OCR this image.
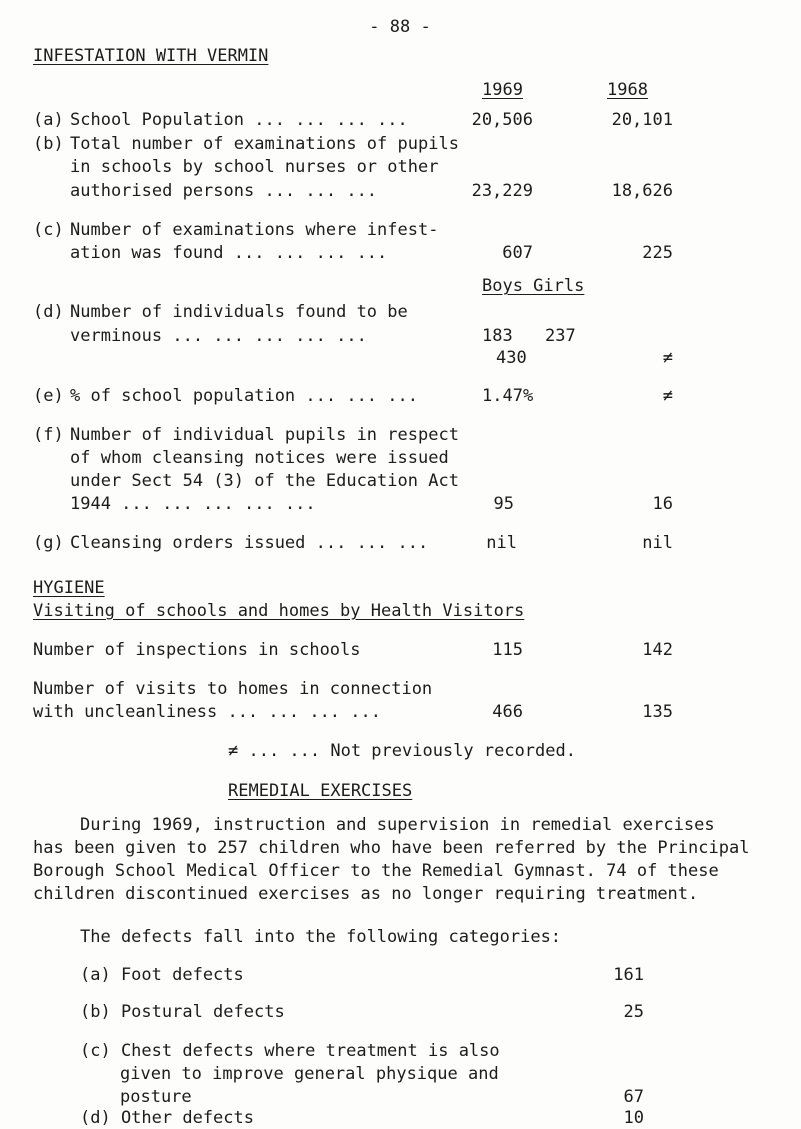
- 88 -
INFESTATION WITH VERMIN
1969	1968
(a) School Population ... ... ... ...	20,506	20,101
(b) Total number of examinations of pupils
in schools by school nurses or other
authorised persons ... ... ...	23,229	18,626
(c) Number of examinations where infest-
ation was found ... ... ... ...	607	225
Boys Girls
(d) Number of individuals found to be
verminous ... ... ... ... ...	183 237
430	≠
(e) % of school population ... ... ...	1.47%	≠
(f) Number of individual pupils in respect
of whom cleansing notices were issued
under Sect 54 (3) of the Education Act
1944 ... ... ... ... ...	95	16
(g) Cleansing orders issued ... ... ...	nil	nil
HYGIENE
Visiting of schools and homes by Health Visitors
Number of inspections in schools	115	142
Number of visits to homes in connection
with uncleanliness ... ... ... ...	466	135
≠ ... ... Not previously recorded.
REMEDIAL EXERCISES
During 1969, instruction and supervision in remedial exercises
has been given to 257 children who have been referred by the Principal
Borough School Medical Officer to the Remedial Gymnast. 74 of these
children discontinued exercises as no longer requiring treatment.
The defects fall into the following categories:
(a) Foot defects	161
(b) Postural defects	25
(c) Chest defects where treatment is also
given to improve general physique and
posture	67
(d) Other defects	10
